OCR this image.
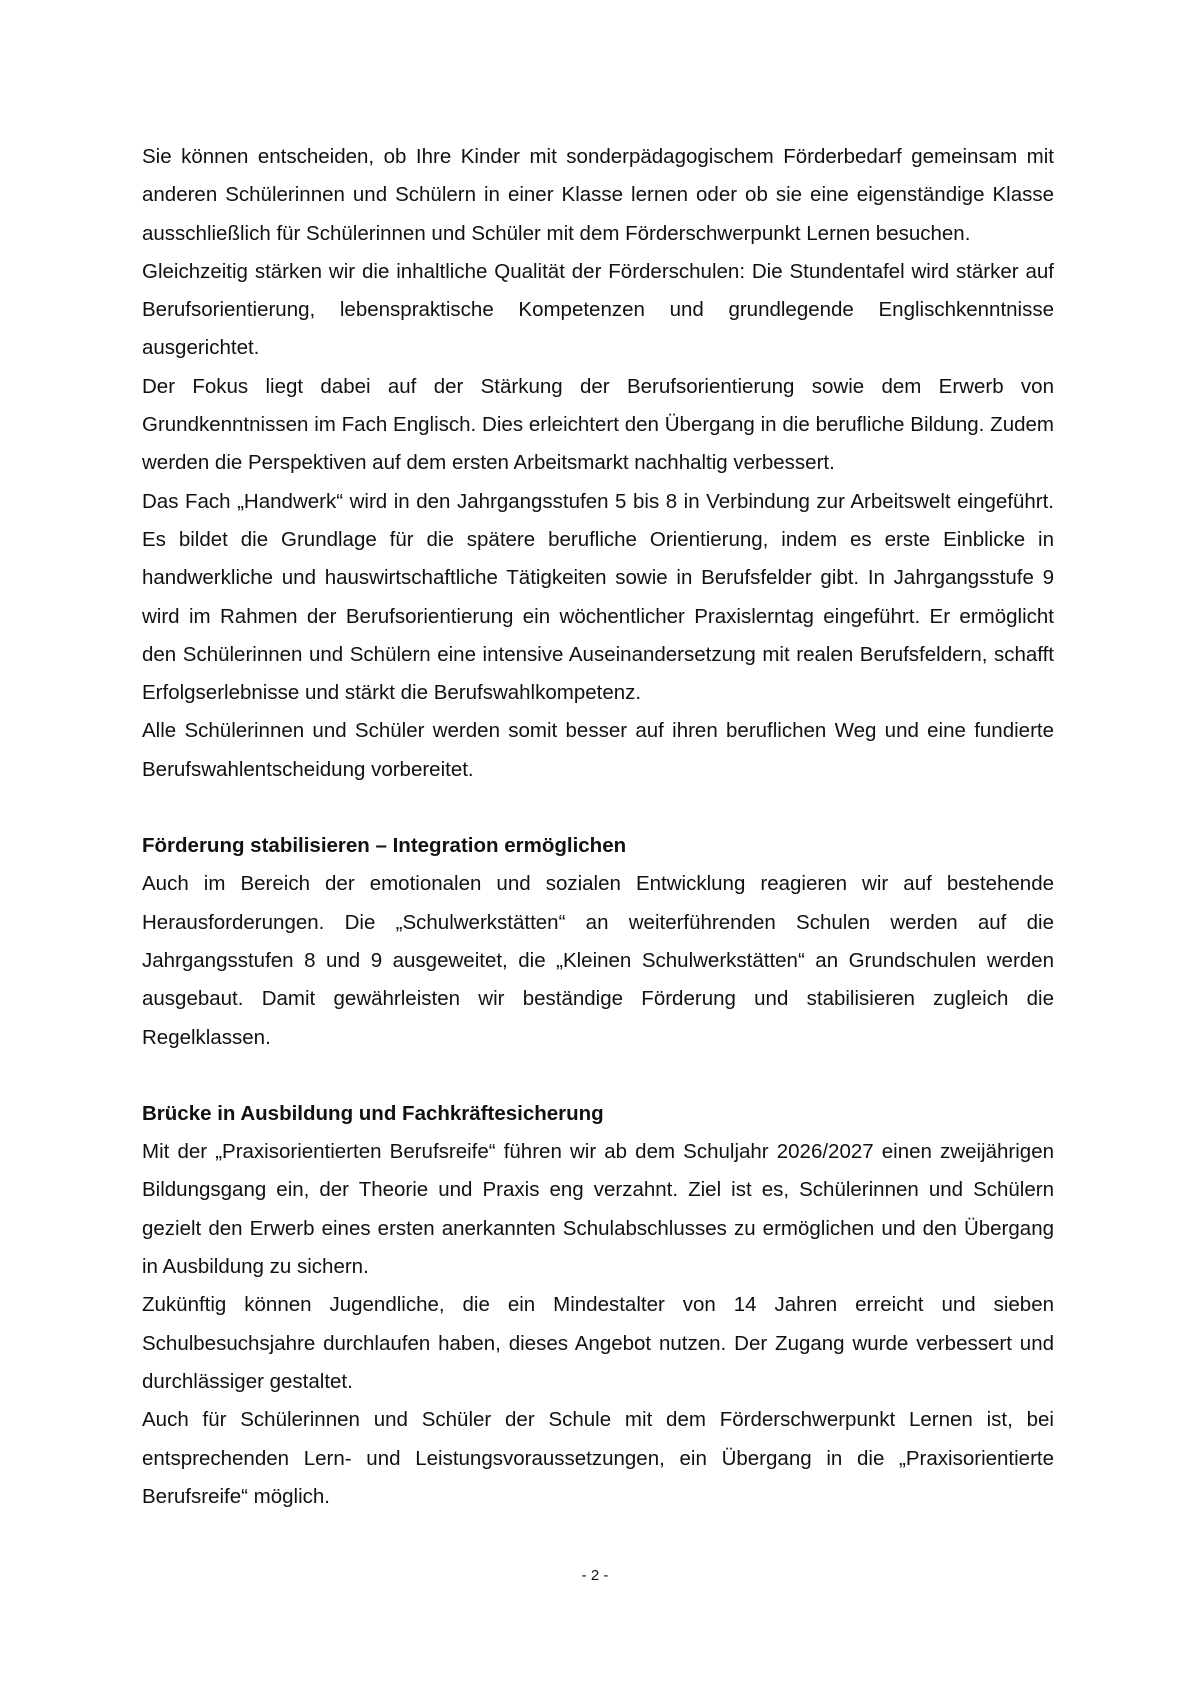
Sie können entscheiden, ob Ihre Kinder mit sonderpädagogischem Förderbedarf gemeinsam mit anderen Schülerinnen und Schülern in einer Klasse lernen oder ob sie eine eigenständige Klasse ausschließlich für Schülerinnen und Schüler mit dem Förderschwerpunkt Lernen besuchen.

Gleichzeitig stärken wir die inhaltliche Qualität der Förderschulen: Die Stundentafel wird stärker auf Berufsorientierung, lebenspraktische Kompetenzen und grundlegende Englischkenntnisse ausgerichtet.

Der Fokus liegt dabei auf der Stärkung der Berufsorientierung sowie dem Erwerb von Grundkenntnissen im Fach Englisch. Dies erleichtert den Übergang in die berufliche Bildung. Zudem werden die Perspektiven auf dem ersten Arbeitsmarkt nachhaltig verbessert.

Das Fach „Handwerk“ wird in den Jahrgangsstufen 5 bis 8 in Verbindung zur Arbeitswelt eingeführt. Es bildet die Grundlage für die spätere berufliche Orientierung, indem es erste Einblicke in handwerkliche und hauswirtschaftliche Tätigkeiten sowie in Berufsfelder gibt. In Jahrgangsstufe 9 wird im Rahmen der Berufsorientierung ein wöchentlicher Praxislerntag eingeführt. Er ermöglicht den Schülerinnen und Schülern eine intensive Auseinandersetzung mit realen Berufsfeldern, schafft Erfolgserlebnisse und stärkt die Berufswahlkompetenz.

Alle Schülerinnen und Schüler werden somit besser auf ihren beruflichen Weg und eine fundierte Berufswahlentscheidung vorbereitet.

Förderung stabilisieren – Integration ermöglichen

Auch im Bereich der emotionalen und sozialen Entwicklung reagieren wir auf bestehende Herausforderungen. Die „Schulwerkstätten“ an weiterführenden Schulen werden auf die Jahrgangsstufen 8 und 9 ausgeweitet, die „Kleinen Schulwerkstätten“ an Grundschulen werden ausgebaut. Damit gewährleisten wir beständige Förderung und stabilisieren zugleich die Regelklassen.

Brücke in Ausbildung und Fachkräftesicherung

Mit der „Praxisorientierten Berufsreife“ führen wir ab dem Schuljahr 2026/2027 einen zweijährigen Bildungsgang ein, der Theorie und Praxis eng verzahnt. Ziel ist es, Schülerinnen und Schülern gezielt den Erwerb eines ersten anerkannten Schulabschlusses zu ermöglichen und den Übergang in Ausbildung zu sichern.

Zukünftig können Jugendliche, die ein Mindestalter von 14 Jahren erreicht und sieben Schulbesuchsjahre durchlaufen haben, dieses Angebot nutzen. Der Zugang wurde verbessert und durchlässiger gestaltet.

Auch für Schülerinnen und Schüler der Schule mit dem Förderschwerpunkt Lernen ist, bei entsprechenden Lern- und Leistungsvoraussetzungen, ein Übergang in die „Praxisorientierte Berufsreife“ möglich.

- 2 -
